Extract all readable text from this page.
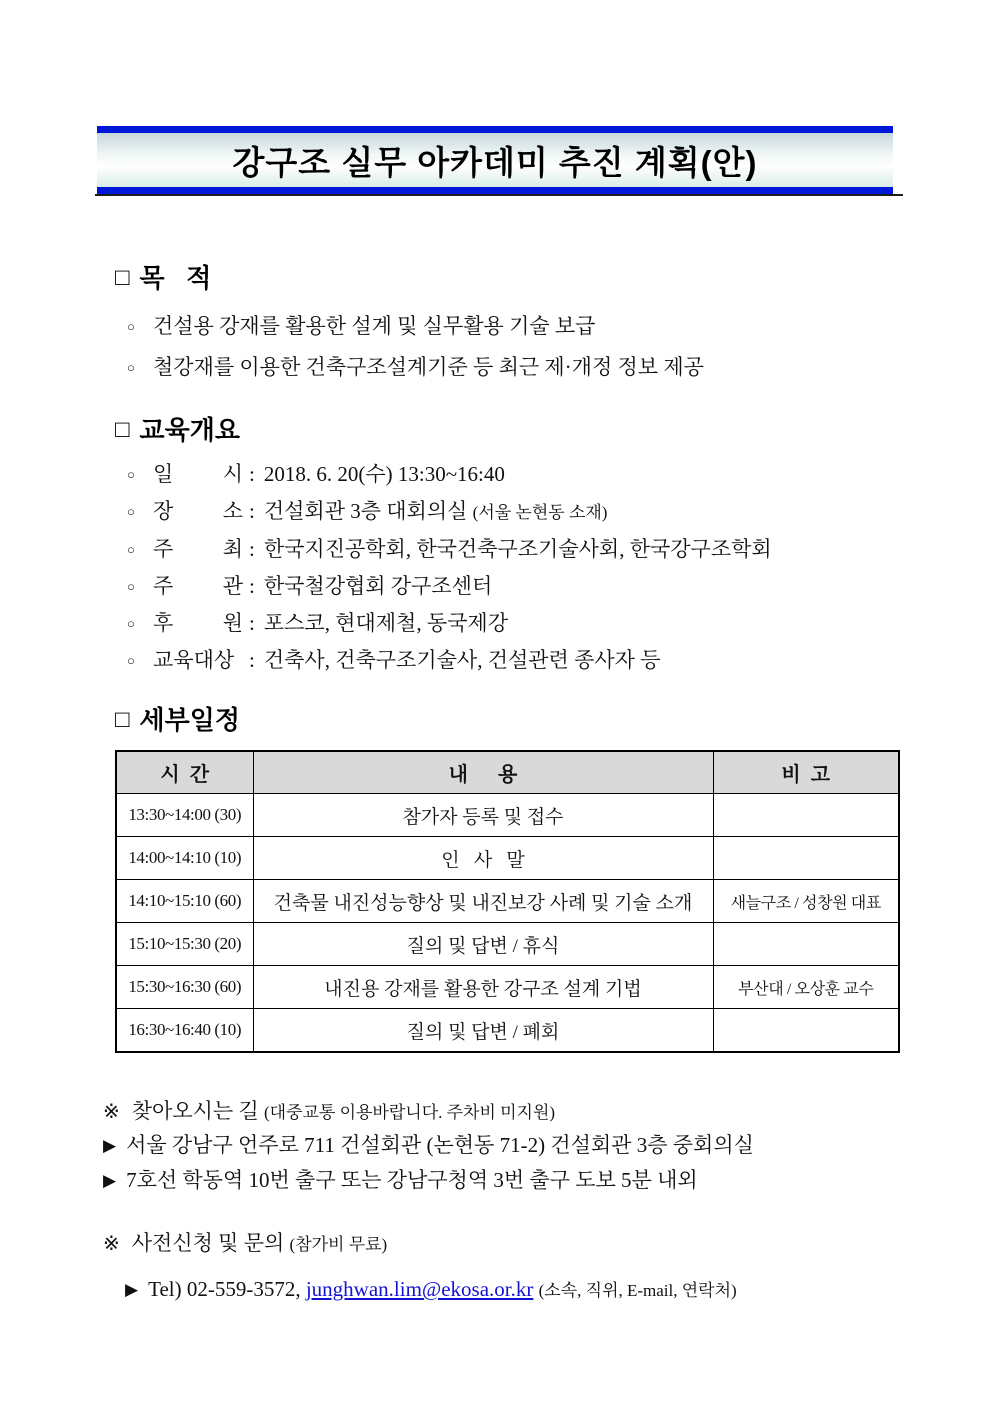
강구조 실무 아카데미 추진 계획(안)
□ 목   적
○ 건설용 강재를 활용한 설계 및 실무활용 기술 보급
○ 철강재를 이용한 건축구조설계기준 등 최근 제·개정 정보 제공
□ 교육개요
○ 일 시 : 2018. 6. 20(수) 13:30~16:40
○ 장 소 : 건설회관 3층 대회의실 (서울 논현동 소재)
○ 주 최 : 한국지진공학회, 한국건축구조기술사회, 한국강구조학회
○ 주 관 : 한국철강협회 강구조센터
○ 후 원 : 포스코, 현대제철, 동국제강
○ 교육대상 : 건축사, 건축구조기술사, 건설관련 종사자 등
□ 세부일정
시  간	내      용	비  고
13:30~14:00 (30)	참가자 등록 및 접수	
14:00~14:10 (10)	인   사   말	
14:10~15:10 (60)	건축물 내진성능향상 및 내진보강 사례 및 기술 소개	새늘구조 / 성창원 대표
15:10~15:30 (20)	질의 및 답변 / 휴식	
15:30~16:30 (60)	내진용 강재를 활용한 강구조 설계 기법	부산대 / 오상훈 교수
16:30~16:40 (10)	질의 및 답변 / 폐회	
※ 찾아오시는 길 (대중교통 이용바랍니다. 주차비 미지원)
▶ 서울 강남구 언주로 711 건설회관 (논현동 71-2) 건설회관 3층 중회의실
▶ 7호선 학동역 10번 출구 또는 강남구청역 3번 출구 도보 5분 내외
※ 사전신청 및 문의 (참가비 무료)
▶ Tel) 02-559-3572, junghwan.lim@ekosa.or.kr (소속, 직위, E-mail, 연락처)
